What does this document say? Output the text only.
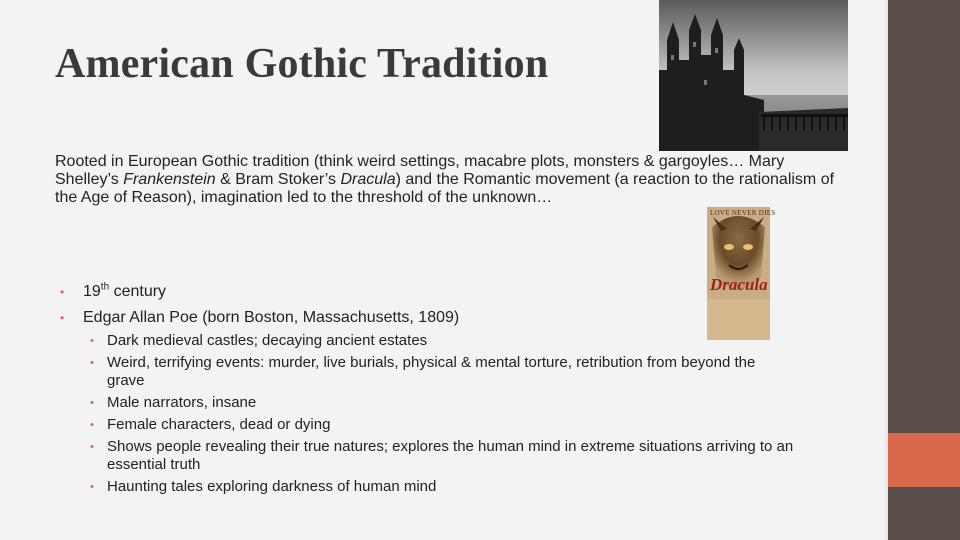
American Gothic Tradition
Rooted in European Gothic tradition (think weird settings, macabre plots, monsters & gargoyles… Mary Shelley’s Frankenstein & Bram Stoker’s Dracula) and the Romantic movement (a reaction to the rationalism of the Age of Reason), imagination led to the threshold of the unknown…
LOVE NEVER DIES
Dracula
•	19th century
•	Edgar Allan Poe (born Boston, Massachusetts, 1809)
• Dark medieval castles; decaying ancient estates
• Weird, terrifying events: murder, live burials, physical & mental torture, retribution from beyond the grave
• Male narrators, insane
• Female characters, dead or dying
• Shows people revealing their true natures; explores the human mind in extreme situations arriving to an essential truth
• Haunting tales exploring darkness of human mind
